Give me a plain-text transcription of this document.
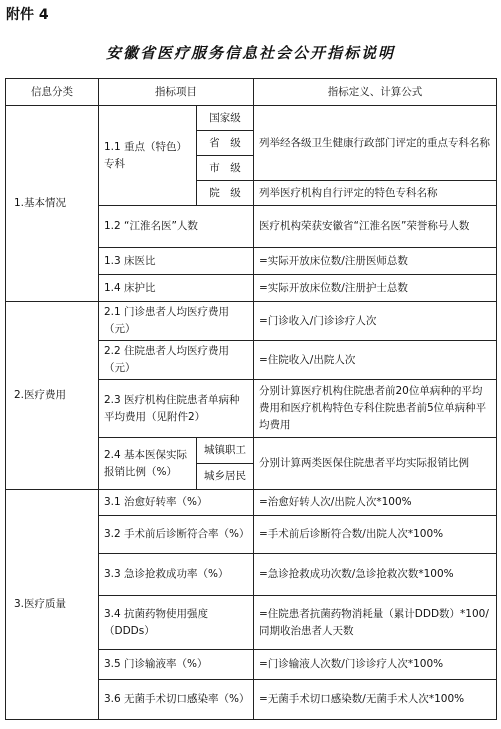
附件 4
安徽省医疗服务信息社会公开指标说明
信息分类	指标项目		指标定义、计算公式
1.基本情况	1.1 重点（特色）专科	国家级	列举经各级卫生健康行政部门评定的重点专科名称
		省　级	
		市　级	
		院　级	列举医疗机构自行评定的特色专科名称
	1.2 “江淮名医”人数		医疗机构荣获安徽省“江淮名医”荣誉称号人数
	1.3 床医比		=实际开放床位数/注册医师总数
	1.4 床护比		=实际开放床位数/注册护士总数
2.医疗费用	2.1 门诊患者人均医疗费用（元）		=门诊收入/门诊诊疗人次
	2.2 住院患者人均医疗费用（元）		=住院收入/出院人次
	2.3 医疗机构住院患者单病种平均费用（见附件2）		分别计算医疗机构住院患者前20位单病种的平均费用和医疗机构特色专科住院患者前5位单病种平均费用
	2.4 基本医保实际报销比例（%）	城镇职工	分别计算两类医保住院患者平均实际报销比例
		城乡居民	
3.医疗质量	3.1 治愈好转率（%）		=治愈好转人次/出院人次*100%
	3.2 手术前后诊断符合率（%）		=手术前后诊断符合数/出院人次*100%
	3.3 急诊抢救成功率（%）		=急诊抢救成功次数/急诊抢救次数*100%
	3.4 抗菌药物使用强度（DDDs）		=住院患者抗菌药物消耗量（累计DDD数）*100/同期收治患者人天数
	3.5 门诊输液率（%）		=门诊输液人次数/门诊诊疗人次*100%
	3.6 无菌手术切口感染率（%）		=无菌手术切口感染数/无菌手术人次*100%
